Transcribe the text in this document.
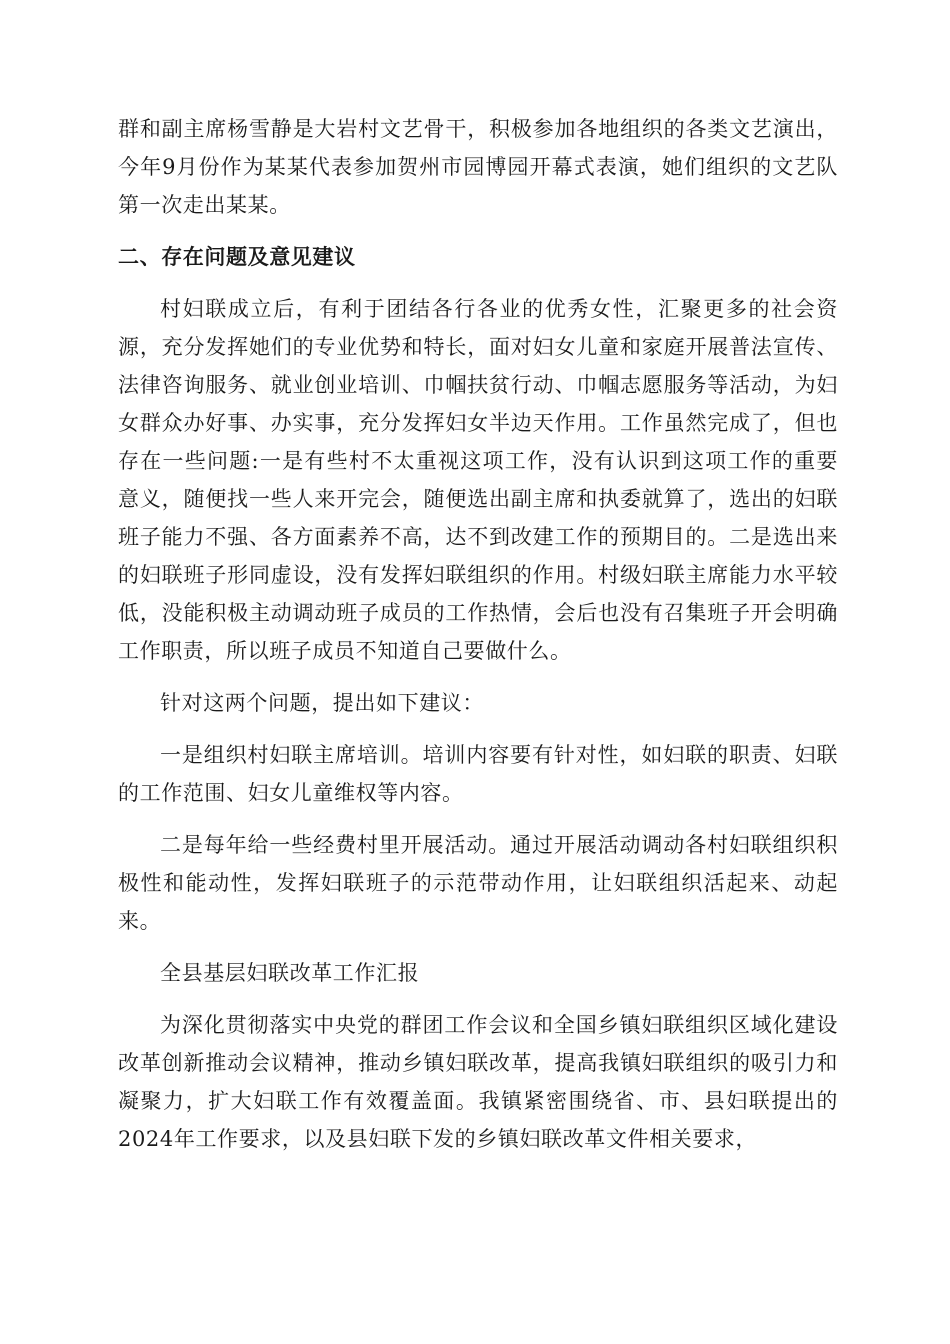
群和副主席杨雪静是大岩村文艺骨干，积极参加各地组织的各类文艺演出，今年9月份作为某某代表参加贺州市园博园开幕式表演，她们组织的文艺队第一次走出某某。

二、存在问题及意见建议

村妇联成立后，有利于团结各行各业的优秀女性，汇聚更多的社会资源，充分发挥她们的专业优势和特长，面对妇女儿童和家庭开展普法宣传、法律咨询服务、就业创业培训、巾帼扶贫行动、巾帼志愿服务等活动，为妇女群众办好事、办实事，充分发挥妇女半边天作用。工作虽然完成了，但也存在一些问题:一是有些村不太重视这项工作，没有认识到这项工作的重要意义，随便找一些人来开完会，随便选出副主席和执委就算了，选出的妇联班子能力不强、各方面素养不高，达不到改建工作的预期目的。二是选出来的妇联班子形同虚设，没有发挥妇联组织的作用。村级妇联主席能力水平较低，没能积极主动调动班子成员的工作热情，会后也没有召集班子开会明确工作职责，所以班子成员不知道自己要做什么。

针对这两个问题，提出如下建议：

一是组织村妇联主席培训。培训内容要有针对性，如妇联的职责、妇联的工作范围、妇女儿童维权等内容。

二是每年给一些经费村里开展活动。通过开展活动调动各村妇联组织积极性和能动性，发挥妇联班子的示范带动作用，让妇联组织活起来、动起来。

全县基层妇联改革工作汇报

为深化贯彻落实中央党的群团工作会议和全国乡镇妇联组织区域化建设改革创新推动会议精神，推动乡镇妇联改革，提高我镇妇联组织的吸引力和凝聚力，扩大妇联工作有效覆盖面。我镇紧密围绕省、市、县妇联提出的2024年工作要求，以及县妇联下发的乡镇妇联改革文件相关要求，
